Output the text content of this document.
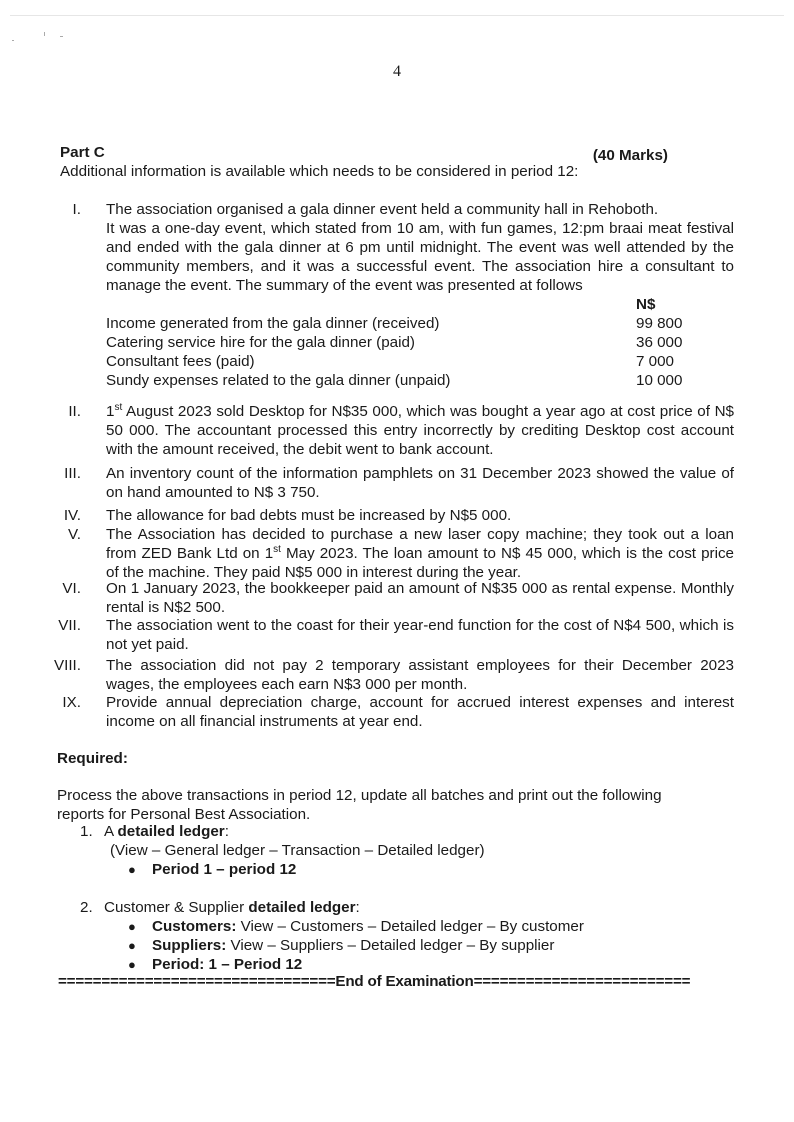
4
Part C	(40 Marks)
Additional information is available which needs to be considered in period 12:
I. The association organised a gala dinner event held a community hall in Rehoboth.

It was a one-day event, which stated from 10 am, with fun games, 12:pm braai meat festival and ended with the gala dinner at 6 pm until midnight. The event was well attended by the community members, and it was a successful event. The association hire a consultant to manage the event. The summary of the event was presented at follows

	N$
Income generated from the gala dinner (received)	99 800
Catering service hire for the gala dinner (paid)	36 000
Consultant fees (paid)	7 000
Sundy expenses related to the gala dinner (unpaid)	10 000
II. 1st August 2023 sold Desktop for N$35 000, which was bought a year ago at cost price of N$ 50 000. The accountant processed this entry incorrectly by crediting Desktop cost account with the amount received, the debit went to bank account.

III. An inventory count of the information pamphlets on 31 December 2023 showed the value of on hand amounted to N$ 3 750.

IV. The allowance for bad debts must be increased by N$5 000.

V. The Association has decided to purchase a new laser copy machine; they took out a loan from ZED Bank Ltd on 1st May 2023. The loan amount to N$ 45 000, which is the cost price of the machine. They paid N$5 000 in interest during the year.

VI. On 1 January 2023, the bookkeeper paid an amount of N$35 000 as rental expense. Monthly rental is N$2 500.

VII. The association went to the coast for their year-end function for the cost of N$4 500, which is not yet paid.

VIII. The association did not pay 2 temporary assistant employees for their December 2023 wages, the employees each earn N$3 000 per month.

IX. Provide annual depreciation charge, account for accrued interest expenses and interest income on all financial instruments at year end.

Required:
Process the above transactions in period 12, update all batches and print out the following reports for Personal Best Association.
1. A detailed ledger:
(View – General ledger – Transaction – Detailed ledger)
● Period 1 – period 12
2. Customer & Supplier detailed ledger:
● Customers: View – Customers – Detailed ledger – By customer
● Suppliers: View – Suppliers – Detailed ledger – By supplier
● Period: 1 – Period 12
================================End of Examination=========================
